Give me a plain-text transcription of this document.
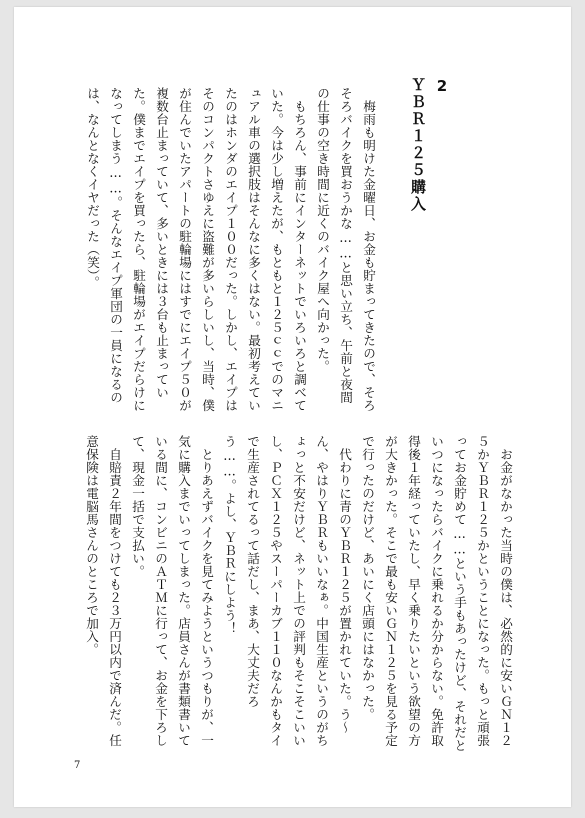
2
ＹＢＲ１２５購入

梅雨も明けた金曜日、お金も貯まってきたので、そろそろバイクを買おうかな……と思い立ち、午前と夜間の仕事の空き時間に近くのバイク屋へ向かった。

もちろん、事前にインターネットでいろいろと調べていた。今は少し増えたが、もともと１２５ｃｃでのマニュアル車の選択肢はそんなに多くはない。最初考えていたのはホンダのエイプ１００だった。しかし、エイプはそのコンパクトさゆえに盗難が多いらしいし、当時、僕が住んでいたアパートの駐輪場にはすでにエイプ５０が複数台止まっていて、多いときには３台も止まっていた。僕までエイプを買ったら、駐輪場がエイプだらけになってしまう……。そんなエイプ軍団の一員になるのは、なんとなくイヤだった（笑）。

お金がなかった当時の僕は、必然的に安いＧＮ１２５かＹＢＲ１２５かということになった。もっと頑張ってお金貯めて……という手もあったけど、それだといつになったらバイクに乗れるか分からない。免許取得後１年経っていたし、早く乗りたいという欲望の方が大きかった。そこで最も安いＧＮ１２５を見る予定で行ったのだけど、あいにく店頭にはなかった。

代わりに青のＹＢＲ１２５が置かれていた。う～ん、やはりＹＢＲもいいなぁ。中国生産というのがちょっと不安だけど、ネット上での評判もそこそこいいし、ＰＣＸ１２５やスーパーカブ１１０なんかもタイで生産されてるって話だし、まあ、大丈夫だろう……。よし、ＹＢＲにしよう！

とりあえずバイクを見てみようというつもりが、一気に購入までいってしまった。店員さんが書類書いている間に、コンビニのＡＴＭに行って、お金を下ろして、現金一括で支払い。

自賠責２年間をつけても２３万円以内で済んだ。任意保険は電脳馬さんのところで加入。

7
